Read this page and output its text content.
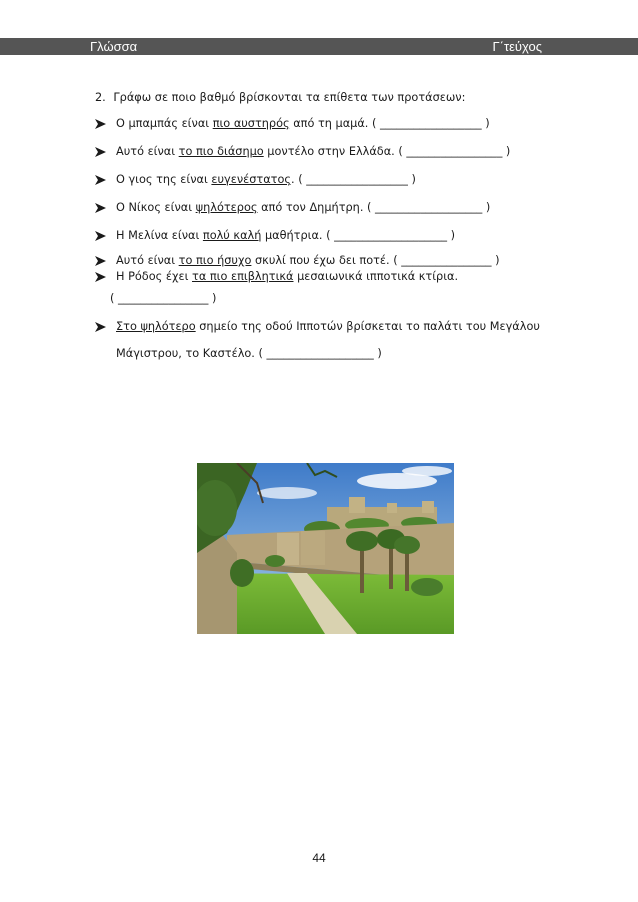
Γλώσσα	Γ΄τεύχος
2. Γράφω σε ποιο βαθμό βρίσκονται τα επίθετα των προτάσεων:
Ο μπαμπάς είναι πιο αυστηρός από τη μαμά. ( __________________ )
Αυτό είναι το πιο διάσημο μοντέλο στην Ελλάδα. ( _________________ )
Ο γιος της είναι ευγενέστατος. ( __________________ )
Ο Νίκος είναι ψηλότερος από τον Δημήτρη. ( ___________________ )
Η Μελίνα είναι πολύ καλή μαθήτρια. ( ____________________ )
Αυτό είναι το πιο ήσυχο σκυλί που έχω δει ποτέ. ( ________________ )
Η Ρόδος έχει τα πιο επιβλητικά μεσαιωνικά ιπποτικά κτίρια.
( ________________ )
Στο ψηλότερο σημείο της οδού Ιπποτών βρίσκεται το παλάτι του Μεγάλου
Μάγιστρου, το Καστέλο. ( ___________________ )
44
